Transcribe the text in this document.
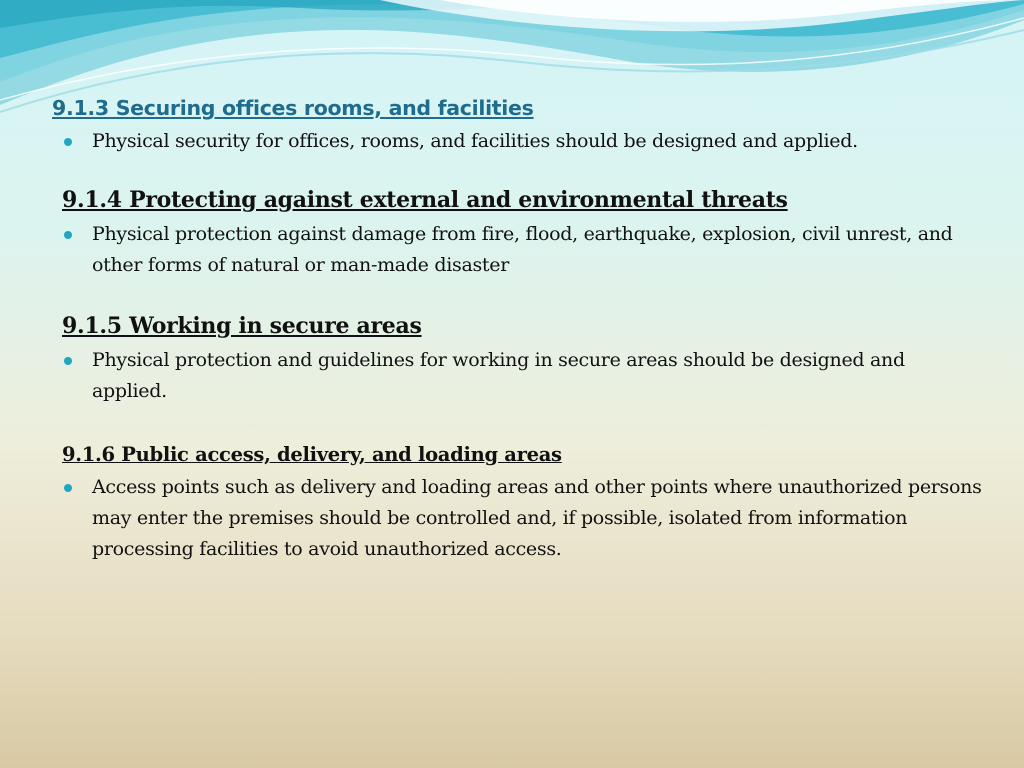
9.1.3 Securing offices rooms, and facilities

Physical security for offices, rooms, and facilities should be designed and applied.

9.1.4 Protecting against external and environmental threats

Physical protection against damage from fire, flood, earthquake, explosion, civil unrest, and other forms of natural or man-made disaster

9.1.5 Working in secure areas

Physical protection and guidelines for working in secure areas should be designed and applied.

9.1.6 Public access, delivery, and loading areas

Access points such as delivery and loading areas and other points where unauthorized persons may enter the premises should be controlled and, if possible, isolated from information processing facilities to avoid unauthorized access.
